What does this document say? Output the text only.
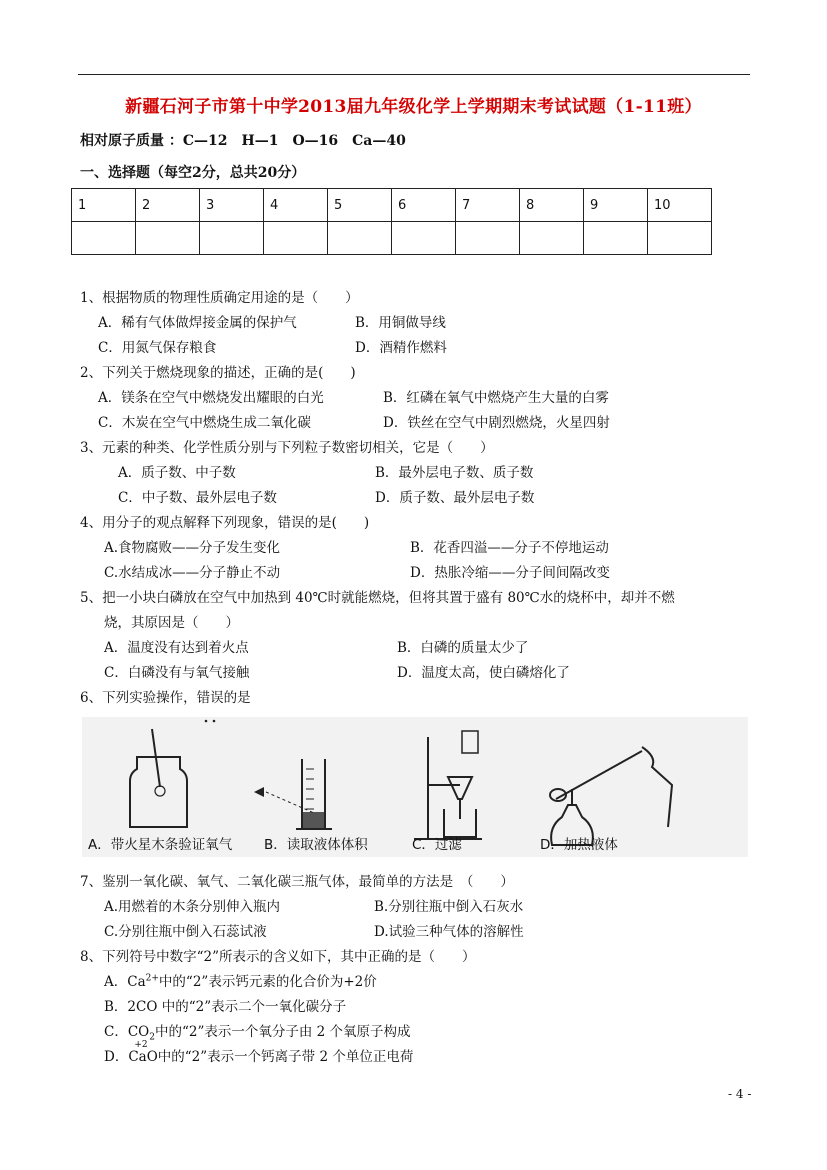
新疆石河子市第十中学2013届九年级化学上学期期末考试试题（1-11班）
相对原子质量 ：C—12　H—1　O—16　Ca—40
一、选择题（每空2分，总共20分）
1	2	3	4	5	6	7	8	9	10

1、根据物质的物理性质确定用途的是（　　）
A．稀有气体做焊接金属的保护气	B．用铜做导线
C．用氮气保存粮食	D．酒精作燃料
2、下列关于燃烧现象的描述，正确的是(　　)
A．镁条在空气中燃烧发出耀眼的白光	B．红磷在氧气中燃烧产生大量的白雾
C．木炭在空气中燃烧生成二氧化碳	D．铁丝在空气中剧烈燃烧，火星四射
3、元素的种类、化学性质分别与下列粒子数密切相关，它是（　　）
A．质子数、中子数	B．最外层电子数、质子数
C．中子数、最外层电子数	D．质子数、最外层电子数
4、用分子的观点解释下列现象，错误的是(　　)
A.食物腐败——分子发生变化	B．花香四溢——分子不停地运动
C.水结成冰——分子静止不动	D．热胀冷缩——分子间间隔改变
5、把一小块白磷放在空气中加热到 40℃时就能燃烧，但将其置于盛有 80℃水的烧杯中，却并不燃
烧，其原因是（　　）
A．温度没有达到着火点	B．白磷的质量太少了
C．白磷没有与氧气接触	D．温度太高，使白磷熔化了
6、下列实验操作，错误的是
A．带火星木条验证氧气 B．读取液体体积	C．过滤	D．加热液体
7、鉴别一氧化碳、氧气、二氧化碳三瓶气体，最简单的方法是　（　　）
A.用燃着的木条分别伸入瓶内	B.分别往瓶中倒入石灰水
C.分别往瓶中倒入石蕊试液	D.试验三种气体的溶解性
8、下列符号中数字“2”所表示的含义如下，其中正确的是（　　）
A．$Ca^{2+}$中的“2”表示钙元素的化合价为+2价
B．2CO 中的“2”表示二个一氧化碳分子
C．$CO_2$中的“2”表示一个氧分子由 2 个氧原子构成
D．
+2
CaO中的“2”表示一个钙离子带 2 个单位正电荷
- 4 -
